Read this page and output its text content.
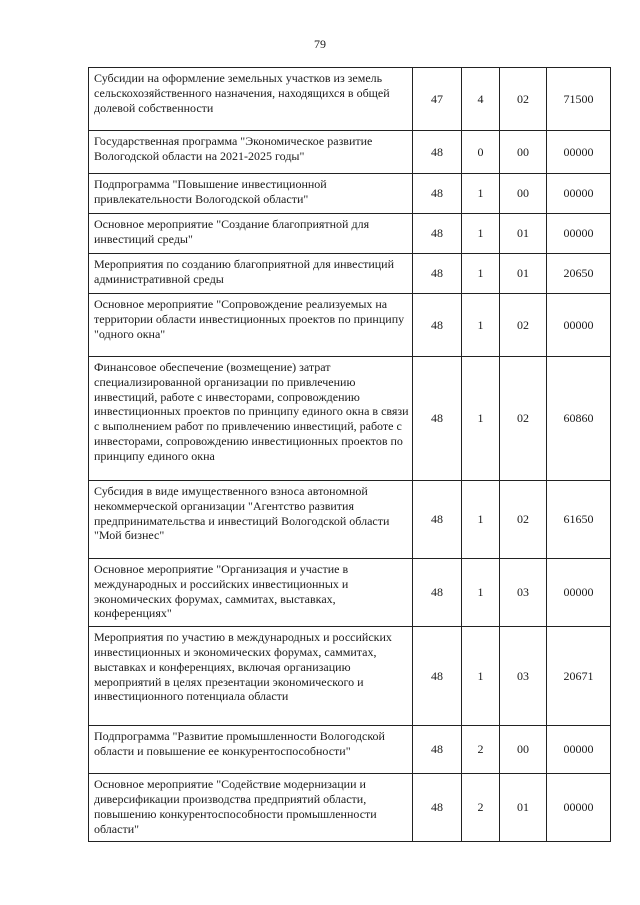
79
Субсидии на оформление земельных участков из земель сельскохозяйственного назначения, находящихся в общей долевой собственности	47	4	02	71500
Государственная программа "Экономическое развитие Вологодской области на 2021-2025 годы"	48	0	00	00000
Подпрограмма "Повышение инвестиционной привлекательности Вологодской области"	48	1	00	00000
Основное мероприятие "Создание благоприятной для инвестиций среды"	48	1	01	00000
Мероприятия по созданию благоприятной для инвестиций административной среды	48	1	01	20650
Основное мероприятие "Сопровождение реализуемых на территории области инвестиционных проектов по принципу "одного окна"	48	1	02	00000
Финансовое обеспечение (возмещение) затрат специализированной организации по привлечению инвестиций, работе с инвесторами, сопровождению инвестиционных проектов по принципу единого окна в связи с выполнением работ по привлечению инвестиций, работе с инвесторами, сопровождению инвестиционных проектов по принципу единого окна	48	1	02	60860
Субсидия в виде имущественного взноса автономной некоммерческой организации "Агентство развития предпринимательства и инвестиций Вологодской области "Мой бизнес"	48	1	02	61650
Основное мероприятие "Организация и участие в международных и российских инвестиционных и экономических форумах, саммитах, выставках, конференциях"	48	1	03	00000
Мероприятия по участию в международных и российских инвестиционных и экономических форумах, саммитах, выставках и конференциях, включая организацию мероприятий в целях презентации экономического и инвестиционного потенциала области	48	1	03	20671
Подпрограмма "Развитие промышленности Вологодской области и повышение ее конкурентоспособности"	48	2	00	00000
Основное мероприятие "Содействие модернизации и диверсификации производства предприятий области, повышению конкурентоспособности промышленности области"	48	2	01	00000
